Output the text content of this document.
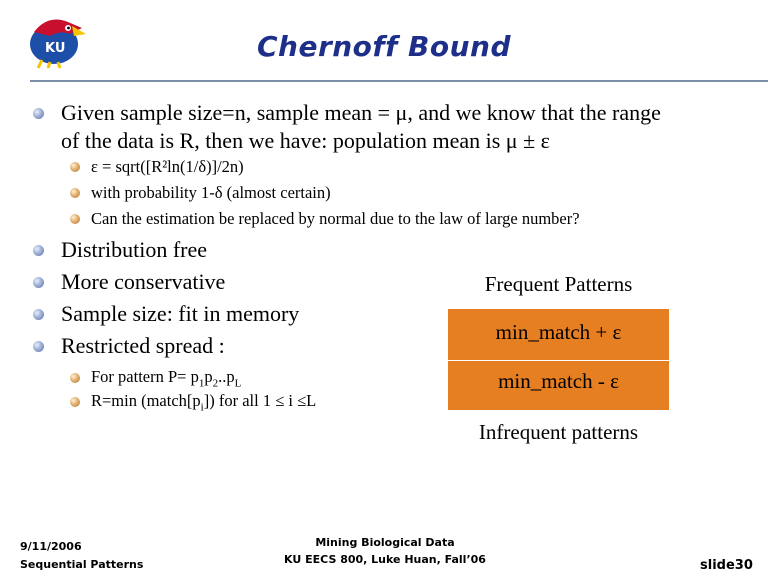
KU	Chernoff Bound
Given sample size=n, sample mean = μ, and we know that the range
of the data is R, then we have: population mean is μ ± ε
ε = sqrt([R²ln(1/δ)]/2n)
with probability 1-δ (almost certain)
Can the estimation be replaced by normal due to the law of large number?
Distribution free
More conservative
Sample size: fit in memory
Restricted spread :
For pattern $P= p_1p_2..p_L$
R=min $(match[p_i])$ for all 1 ≤ i ≤L
Frequent Patterns
min_match + ε
min_match - ε
Infrequent patterns
9/11/2006
Sequential Patterns
Mining Biological Data
KU EECS 800, Luke Huan, Fall’06	slide30
